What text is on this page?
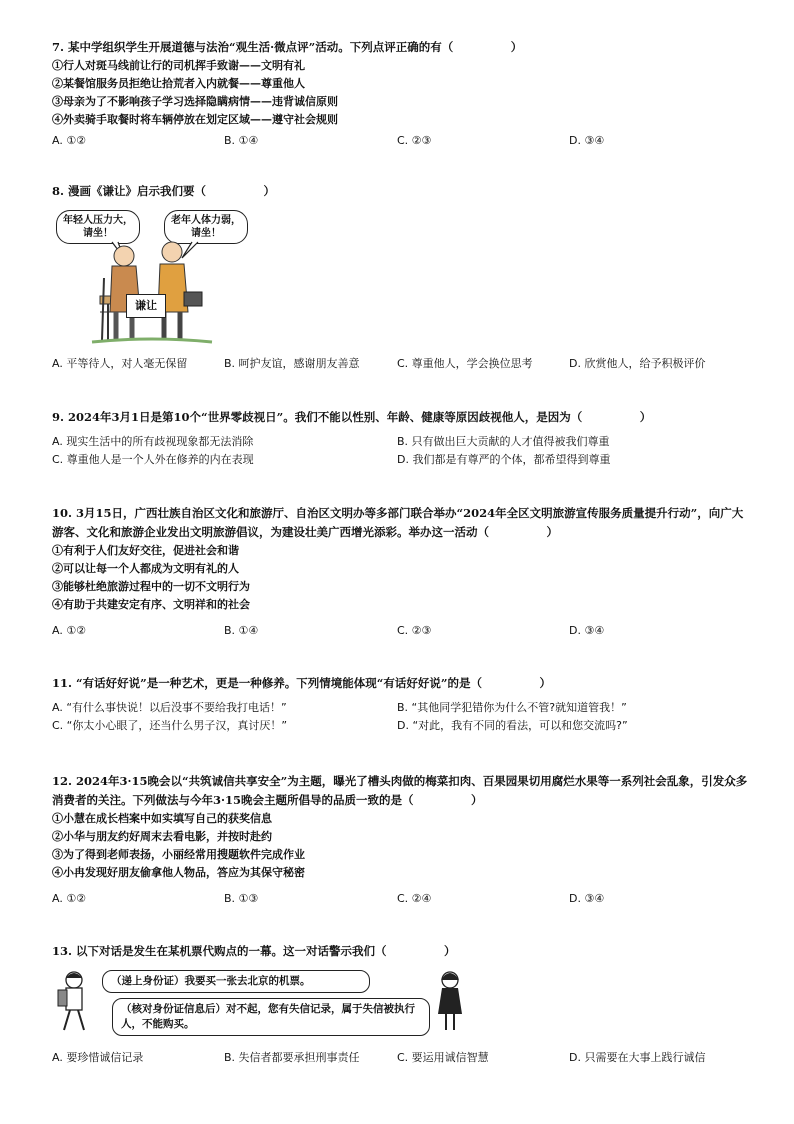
7. 某中学组织学生开展道德与法治“观生活·微点评”活动。下列点评正确的有（　　　　　）
①行人对斑马线前让行的司机挥手致谢——文明有礼
②某餐馆服务员拒绝让拾荒者入内就餐——尊重他人
③母亲为了不影响孩子学习选择隐瞒病情——违背诚信原则
④外卖骑手取餐时将车辆停放在划定区域——遵守社会规则
A. ①②	B. ①④	C. ②③	D. ③④
8. 漫画《谦让》启示我们要（　　　　　）
年轻人压力大，请坐！
老年人体力弱，请坐！
谦让
A. 平等待人，对人毫无保留	B. 呵护友谊，感谢朋友善意	C. 尊重他人，学会换位思考	D. 欣赏他人，给予积极评价
9. 2024年3月1日是第10个“世界零歧视日”。我们不能以性别、年龄、健康等原因歧视他人，是因为（　　　　　）
A. 现实生活中的所有歧视现象都无法消除	B. 只有做出巨大贡献的人才值得被我们尊重
C. 尊重他人是一个人外在修养的内在表现	D. 我们都是有尊严的个体，都希望得到尊重
10. 3月15日，广西壮族自治区文化和旅游厅、自治区文明办等多部门联合举办“2024年全区文明旅游宣传服务质量提升行动”，向广大游客、文化和旅游企业发出文明旅游倡议，为建设壮美广西增光添彩。举办这一活动（　　　　　）
①有利于人们友好交往，促进社会和谐
②可以让每一个人都成为文明有礼的人
③能够杜绝旅游过程中的一切不文明行为
④有助于共建安定有序、文明祥和的社会
A. ①②	B. ①④	C. ②③	D. ③④
11. “有话好好说”是一种艺术，更是一种修养。下列情境能体现“有话好好说”的是（　　　　　）
A. “有什么事快说！以后没事不要给我打电话！”	B. “其他同学犯错你为什么不管?就知道管我！”
C. “你太小心眼了，还当什么男子汉，真讨厌！”	D. “对此，我有不同的看法，可以和您交流吗?”
12. 2024年3·15晚会以“共筑诚信共享安全”为主题，曝光了槽头肉做的梅菜扣肉、百果园果切用腐烂水果等一系列社会乱象，引发众多消费者的关注。下列做法与今年3·15晚会主题所倡导的品质一致的是（　　　　　）
①小慧在成长档案中如实填写自己的获奖信息
②小华与朋友约好周末去看电影，并按时赴约
③为了得到老师表扬，小丽经常用搜题软件完成作业
④小冉发现好朋友偷拿他人物品，答应为其保守秘密
A. ①②	B. ①③	C. ②④	D. ③④
13. 以下对话是发生在某机票代购点的一幕。这一对话警示我们（　　　　　）
（递上身份证）我要买一张去北京的机票。
（核对身份证信息后）对不起，您有失信记录，属于失信被执行人，不能购买。
A. 要珍惜诚信记录	B. 失信者都要承担刑事责任	C. 要运用诚信智慧	D. 只需要在大事上践行诚信
